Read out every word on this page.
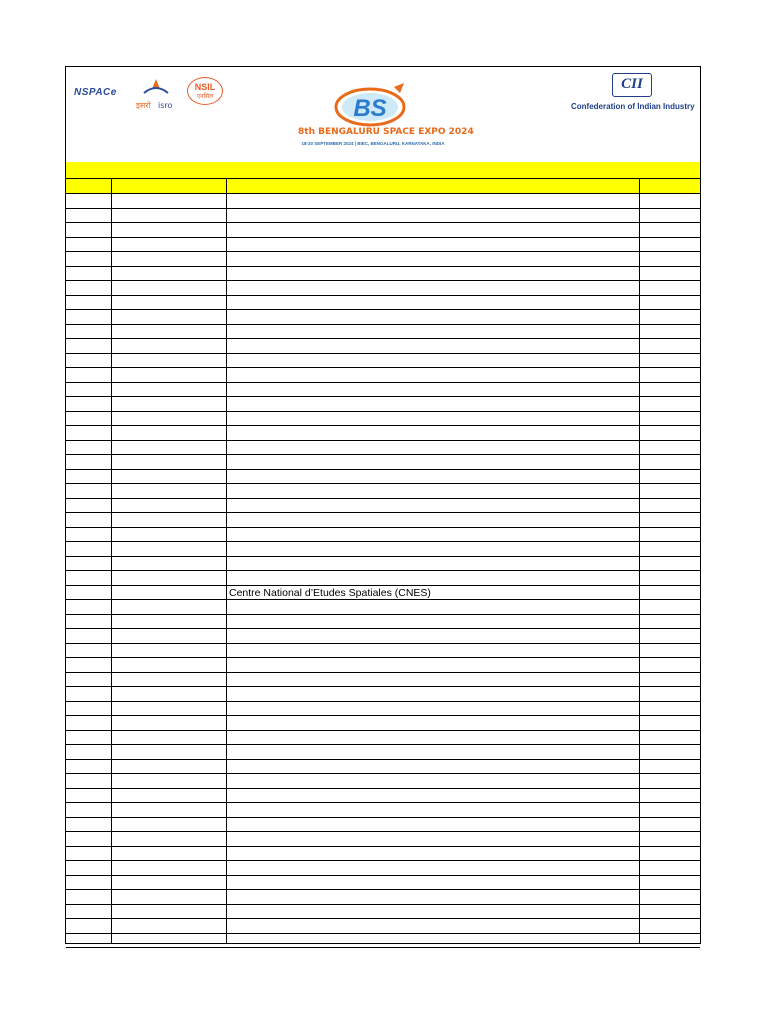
NSPACe
इसरो isro
NSIL
एनसिल	BS
8th BENGALURU SPACE EXPO 2024
18-20 SEPTEMBER 2024 | BIEC, BENGALURU, KARNATAKA, INDIA
CII
Confederation of Indian Industry
Centre National d’Etudes Spatiales (CNES)
